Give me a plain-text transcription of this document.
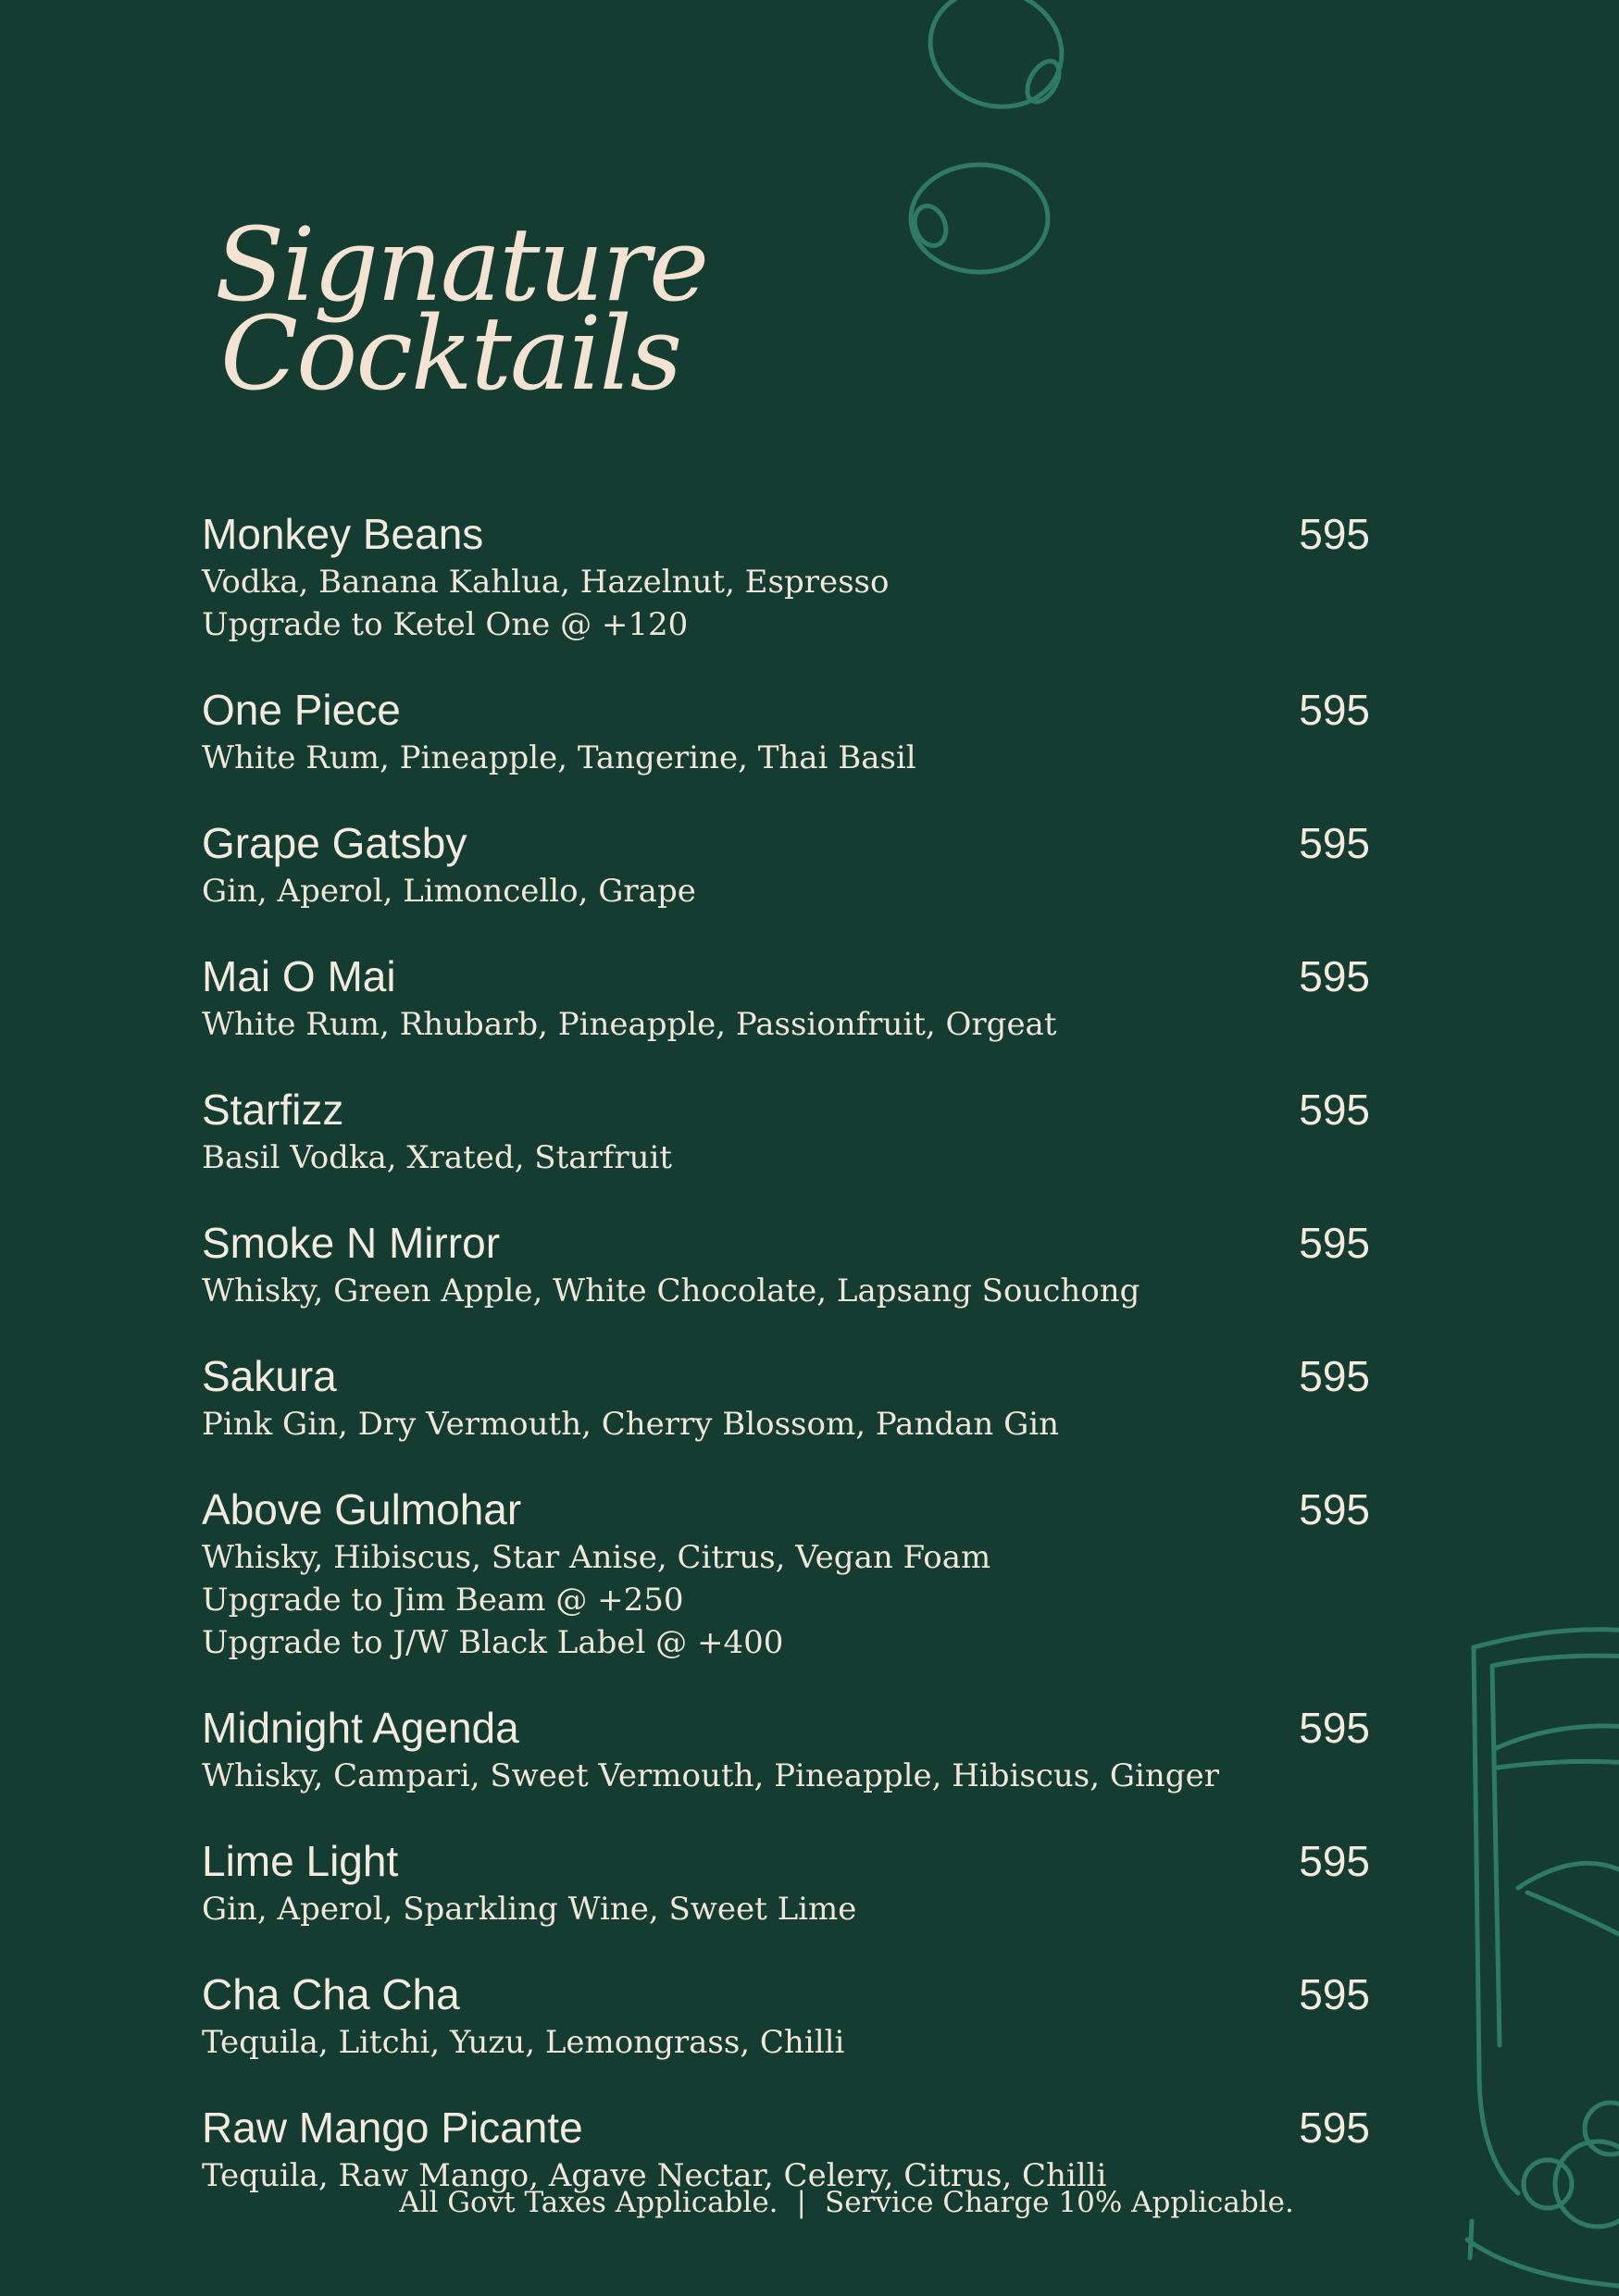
Signature

Cocktails
Monkey Beans	595
Vodka, Banana Kahlua, Hazelnut, Espresso
Upgrade to Ketel One @ +120
One Piece	595
White Rum, Pineapple, Tangerine, Thai Basil
Grape Gatsby	595
Gin, Aperol, Limoncello, Grape
Mai O Mai	595
White Rum, Rhubarb, Pineapple, Passionfruit, Orgeat
Starfizz	595
Basil Vodka, Xrated, Starfruit
Smoke N Mirror	595
Whisky, Green Apple, White Chocolate, Lapsang Souchong
Sakura	595
Pink Gin, Dry Vermouth, Cherry Blossom, Pandan Gin
Above Gulmohar	595
Whisky, Hibiscus, Star Anise, Citrus, Vegan Foam
Upgrade to Jim Beam @ +250
Upgrade to J/W Black Label @ +400
Midnight Agenda	595
Whisky, Campari, Sweet Vermouth, Pineapple, Hibiscus, Ginger
Lime Light	595
Gin, Aperol, Sparkling Wine, Sweet Lime
Cha Cha Cha	595
Tequila, Litchi, Yuzu, Lemongrass, Chilli
Raw Mango Picante	595
Tequila, Raw Mango, Agave Nectar, Celery, Citrus, Chilli
All Govt Taxes Applicable. | Service Charge 10% Applicable.
